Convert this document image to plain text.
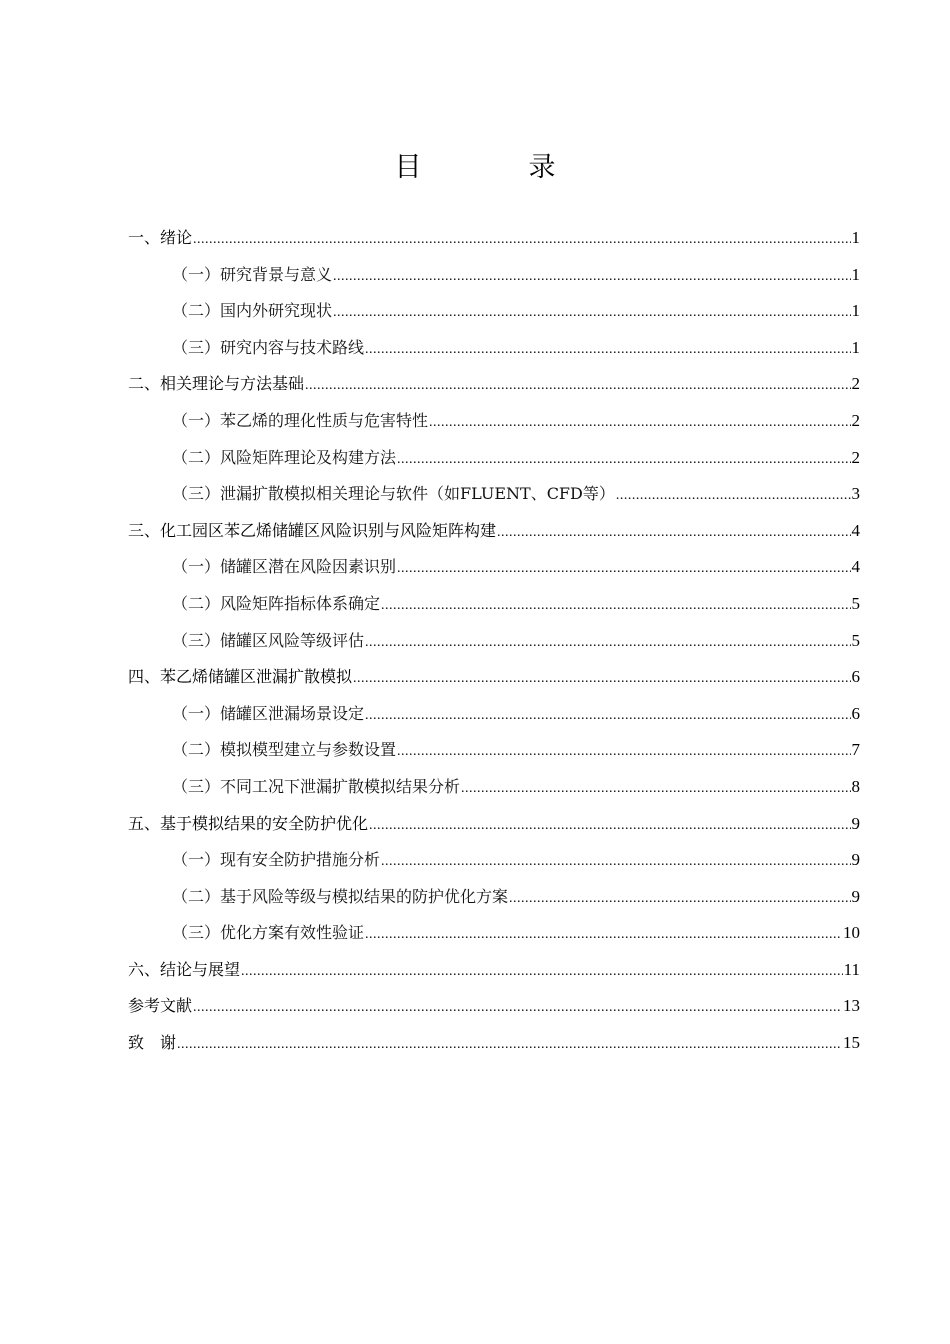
目　录
一、绪论 .....	1
（一）研究背景与意义 .....	1
（二）国内外研究现状 .....	1
（三）研究内容与技术路线 .....	1
二、相关理论与方法基础 .....	2
（一）苯乙烯的理化性质与危害特性 .....	2
（二）风险矩阵理论及构建方法 .....	2
（三）泄漏扩散模拟相关理论与软件（如FLUENT、CFD等） .....	3
三、化工园区苯乙烯储罐区风险识别与风险矩阵构建 .....	4
（一）储罐区潜在风险因素识别 .....	4
（二）风险矩阵指标体系确定 .....	5
（三）储罐区风险等级评估 .....	5
四、苯乙烯储罐区泄漏扩散模拟 .....	6
（一）储罐区泄漏场景设定 .....	6
（二）模拟模型建立与参数设置 .....	7
（三）不同工况下泄漏扩散模拟结果分析 .....	8
五、基于模拟结果的安全防护优化 .....	9
（一）现有安全防护措施分析 .....	9
（二）基于风险等级与模拟结果的防护优化方案 .....	9
（三）优化方案有效性验证 .....	10
六、结论与展望 .....	11
参考文献 .....	13
致　谢 .....	15
